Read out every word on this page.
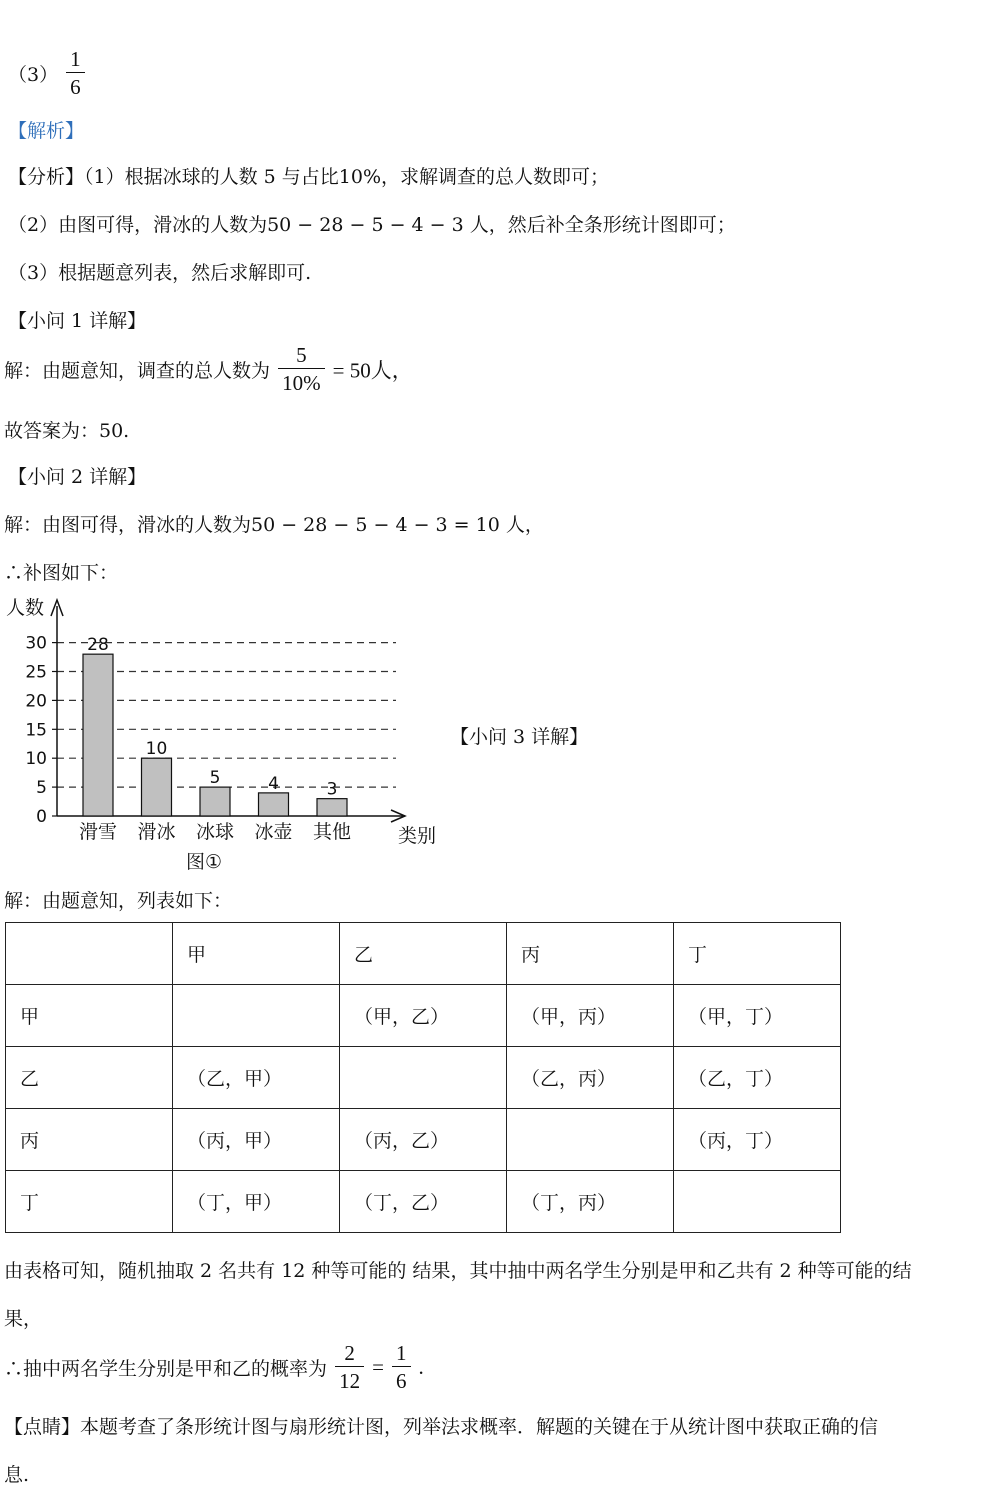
$(3) \frac{1}{6}$
【解析】
【分析】（1）根据冰球的人数 5 与占比10%，求解调查的总人数即可；
（2）由图可得，滑冰的人数为50 − 28 − 5 − 4 − 3 人，然后补全条形统计图即可；
（3）根据题意列表，然后求解即可.
【小问 1 详解】
解：由题意知，调查的总人数为 $\frac{5}{10\%} = 50$人，
故答案为：50.
【小问 2 详解】
解：由图可得，滑冰的人数为50 − 28 − 5 − 4 − 3 = 10 人，
∴补图如下：
0
5
10
15
20
25
30
人数
类别
图①
28
滑雪
10
滑冰
5
冰球
4
冰壶
3
其他
【小问 3 详解】
解：由题意知，列表如下：
	甲	乙	丙	丁
甲		（甲，乙）	（甲，丙）	（甲，丁）
乙	（乙，甲）		（乙，丙）	（乙，丁）
丙	（丙，甲）	（丙，乙）		（丙，丁）
丁	（丁，甲）	（丁，乙）	（丁，丙）	
由表格可知，随机抽取 2 名共有 12 种等可能的 结果，其中抽中两名学生分别是甲和乙共有 2 种等可能的结
果，
∴抽中两名学生分别是甲和乙的概率为 $\frac{2}{12} = \frac{1}{6}$ .
【点睛】本题考查了条形统计图与扇形统计图，列举法求概率．解题的关键在于从统计图中获取正确的信
息.
